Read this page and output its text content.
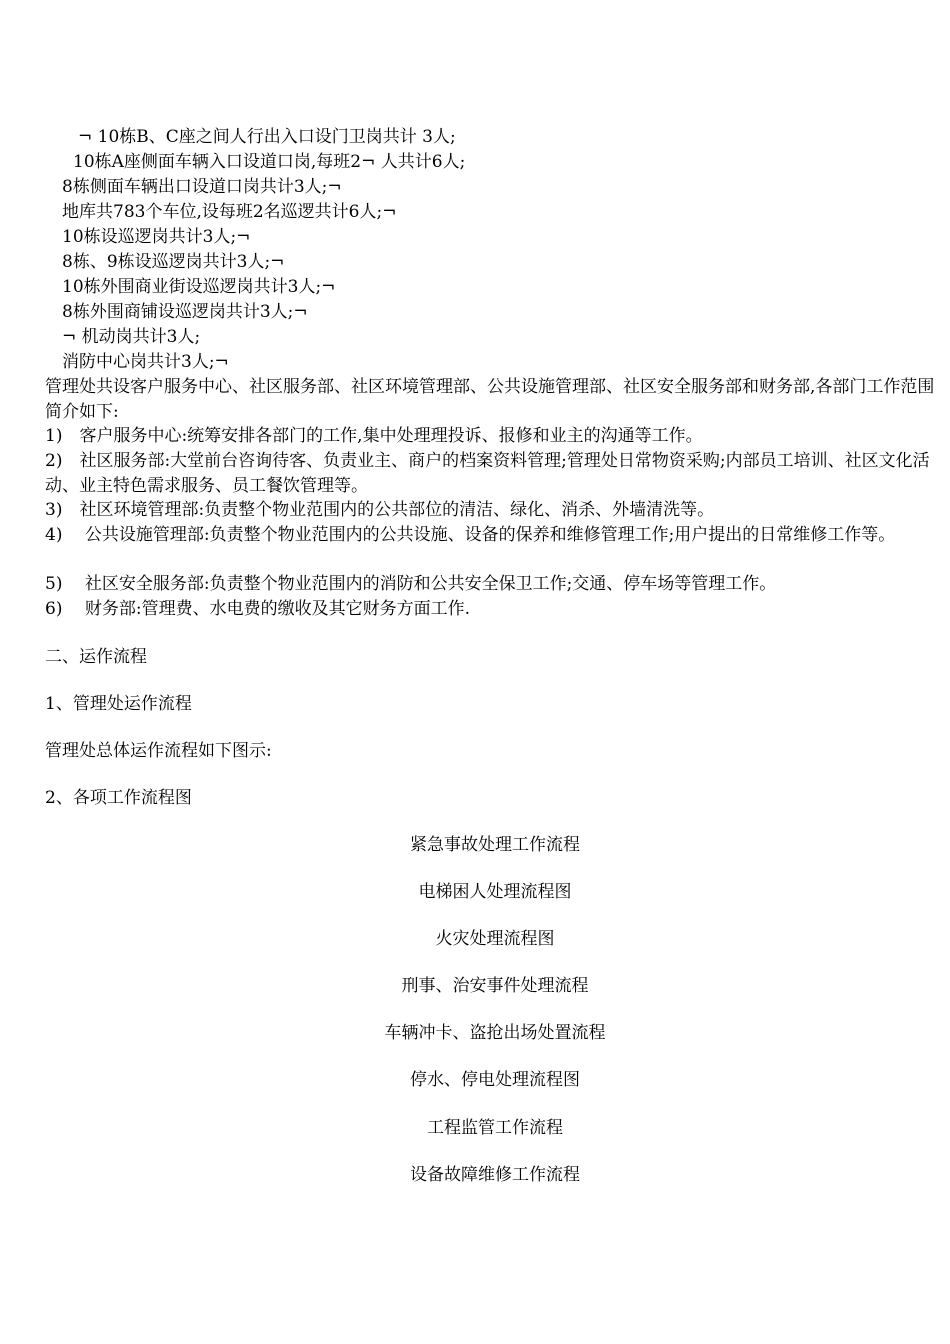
¬ 10栋B、C座之间人行出入口设门卫岗共计 3人;
10栋A座侧面车辆入口设道口岗,每班2¬ 人共计6人;
8栋侧面车辆出口设道口岗共计3人;¬
地库共783个车位,设每班2名巡逻共计6人;¬
10栋设巡逻岗共计3人;¬
8栋、9栋设巡逻岗共计3人;¬
10栋外围商业街设巡逻岗共计3人;¬
8栋外围商铺设巡逻岗共计3人;¬
¬ 机动岗共计3人;
消防中心岗共计3人;¬
管理处共设客户服务中心、社区服务部、社区环境管理部、公共设施管理部、社区安全服务部和财务部,各部门工作范围简介如下:
1)　客户服务中心:统筹安排各部门的工作,集中处理理投诉、报修和业主的沟通等工作。
2)　社区服务部:大堂前台咨询待客、负责业主、商户的档案资料管理;管理处日常物资采购;内部员工培训、社区文化活动、业主特色需求服务、员工餐饮管理等。
3)　社区环境管理部:负责整个物业范围内的公共部位的清洁、绿化、消杀、外墙清洗等。
4)　 公共设施管理部:负责整个物业范围内的公共设施、设备的保养和维修管理工作;用户提出的日常维修工作等。
5)　 社区安全服务部:负责整个物业范围内的消防和公共安全保卫工作;交通、停车场等管理工作。
6)　 财务部:管理费、水电费的缴收及其它财务方面工作.
二、运作流程
1、管理处运作流程
管理处总体运作流程如下图示:
2、各项工作流程图
紧急事故处理工作流程
电梯困人处理流程图
火灾处理流程图
刑事、治安事件处理流程
车辆冲卡、盗抢出场处置流程
停水、停电处理流程图
工程监管工作流程
设备故障维修工作流程
